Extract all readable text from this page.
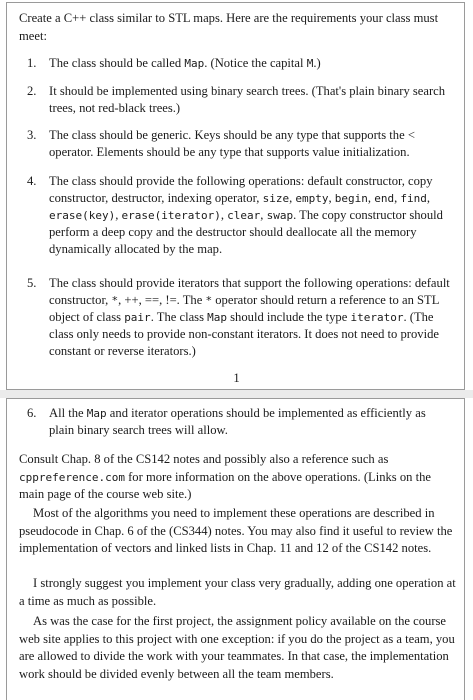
Create a C++ class similar to STL maps. Here are the requirements your class must meet:
1. The class should be called Map. (Notice the capital M.)
2. It should be implemented using binary search trees. (That's plain binary search trees, not red-black trees.)
3. The class should be generic. Keys should be any type that supports the < operator. Elements should be any type that supports value initialization.
4. The class should provide the following operations: default constructor, copy constructor, destructor, indexing operator, size, empty, begin, end, find, erase(key), erase(iterator), clear, swap. The copy constructor should perform a deep copy and the destructor should deallocate all the memory dynamically allocated by the map.
5. The class should provide iterators that support the following operations: default constructor, *, ++, ==, !=. The * operator should return a reference to an STL object of class pair. The class Map should include the type iterator. (The class only needs to provide non-constant iterators. It does not need to provide constant or reverse iterators.)
1
6. All the Map and iterator operations should be implemented as efficiently as plain binary search trees will allow.

Consult Chap. 8 of the CS142 notes and possibly also a reference such as cppreference.com for more information on the above operations. (Links on the main page of the course web site.)

Most of the algorithms you need to implement these operations are described in pseudocode in Chap. 6 of the (CS344) notes. You may also find it useful to review the implementation of vectors and linked lists in Chap. 11 and 12 of the CS142 notes.

I strongly suggest you implement your class very gradually, adding one operation at a time as much as possible.

As was the case for the first project, the assignment policy available on the course web site applies to this project with one exception: if you do the project as a team, you are allowed to divide the work with your teammates. In that case, the implementation work should be divided evenly between all the team members.
